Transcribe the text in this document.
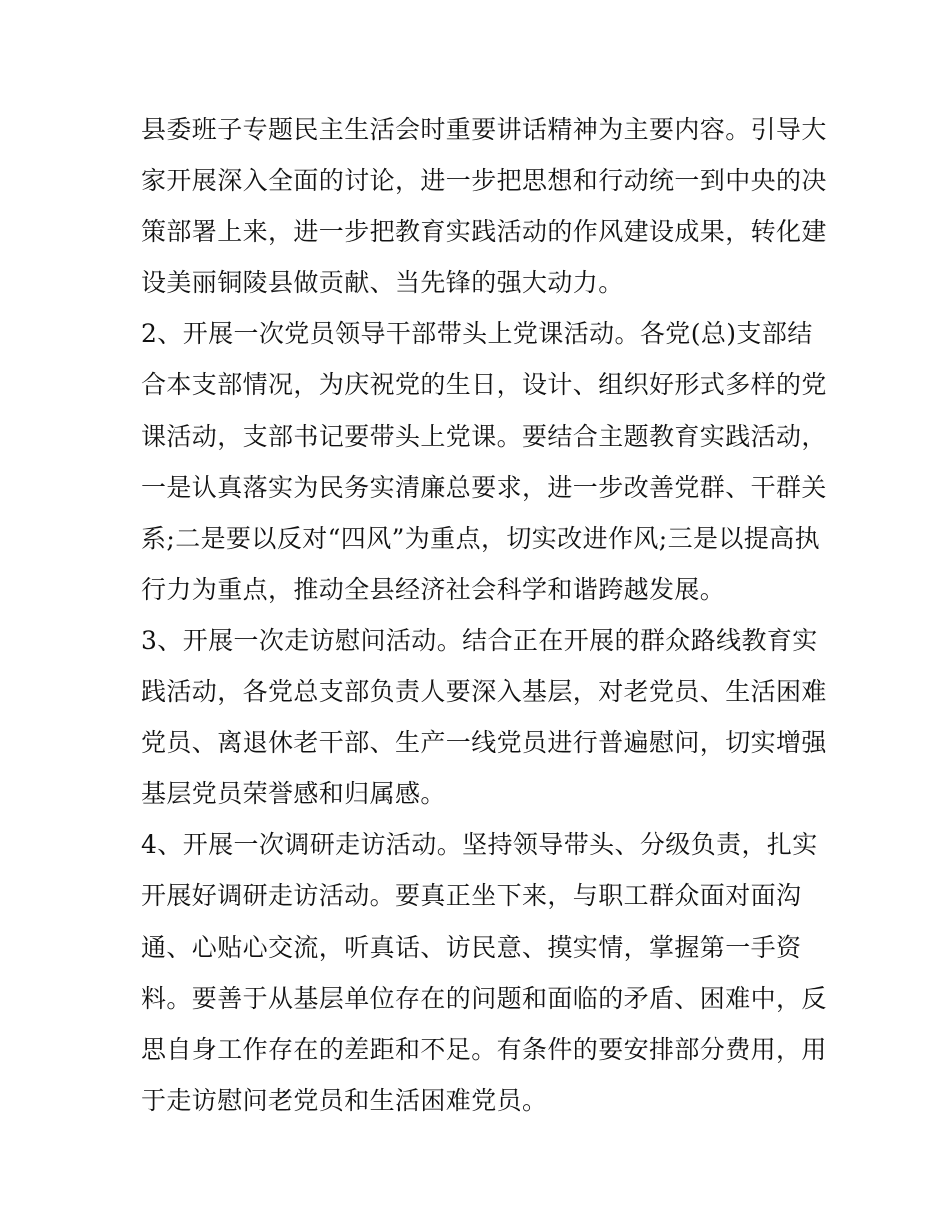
县委班子专题民主生活会时重要讲话精神为主要内容。引导大
家开展深入全面的讨论，进一步把思想和行动统一到中央的决
策部署上来，进一步把教育实践活动的作风建设成果，转化建
设美丽铜陵县做贡献、当先锋的强大动力。
2、开展一次党员领导干部带头上党课活动。各党(总)支部结
合本支部情况，为庆祝党的生日，设计、组织好形式多样的党
课活动，支部书记要带头上党课。要结合主题教育实践活动，
一是认真落实为民务实清廉总要求，进一步改善党群、干群关
系;二是要以反对“四风”为重点，切实改进作风;三是以提高执
行力为重点，推动全县经济社会科学和谐跨越发展。
3、开展一次走访慰问活动。结合正在开展的群众路线教育实
践活动，各党总支部负责人要深入基层，对老党员、生活困难
党员、离退休老干部、生产一线党员进行普遍慰问，切实增强
基层党员荣誉感和归属感。
4、开展一次调研走访活动。坚持领导带头、分级负责，扎实
开展好调研走访活动。要真正坐下来，与职工群众面对面沟
通、心贴心交流，听真话、访民意、摸实情，掌握第一手资
料。要善于从基层单位存在的问题和面临的矛盾、困难中，反
思自身工作存在的差距和不足。有条件的要安排部分费用，用
于走访慰问老党员和生活困难党员。
